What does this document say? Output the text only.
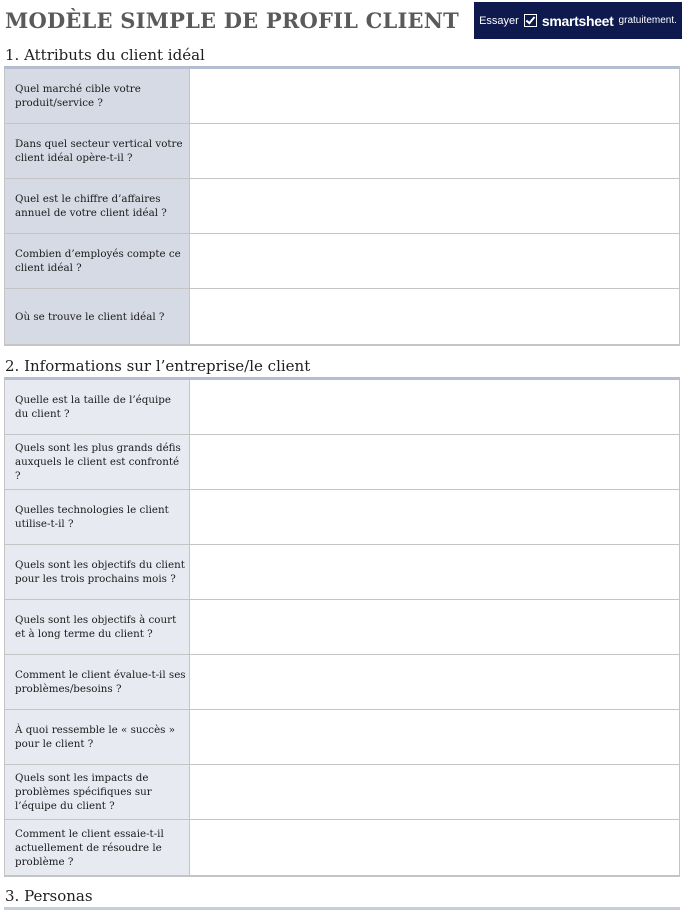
MODÈLE SIMPLE DE PROFIL CLIENT Essayer smartsheet gratuitement.
1. Attributs du client idéal
Quel marché cible votre produit/service ?
Dans quel secteur vertical votre client idéal opère-t-il ?
Quel est le chiffre d’affaires annuel de votre client idéal ?
Combien d’employés compte ce client idéal ?
Où se trouve le client idéal ?
2. Informations sur l’entreprise/le client
Quelle est la taille de l’équipe du client ?
Quels sont les plus grands défis auxquels le client est confronté ?
Quelles technologies le client utilise-t-il ?
Quels sont les objectifs du client pour les trois prochains mois ?
Quels sont les objectifs à court et à long terme du client ?
Comment le client évalue-t-il ses problèmes/besoins ?
À quoi ressemble le « succès » pour le client ?
Quels sont les impacts de problèmes spécifiques sur l’équipe du client ?
Comment le client essaie-t-il actuellement de résoudre le problème ?
3. Personas
